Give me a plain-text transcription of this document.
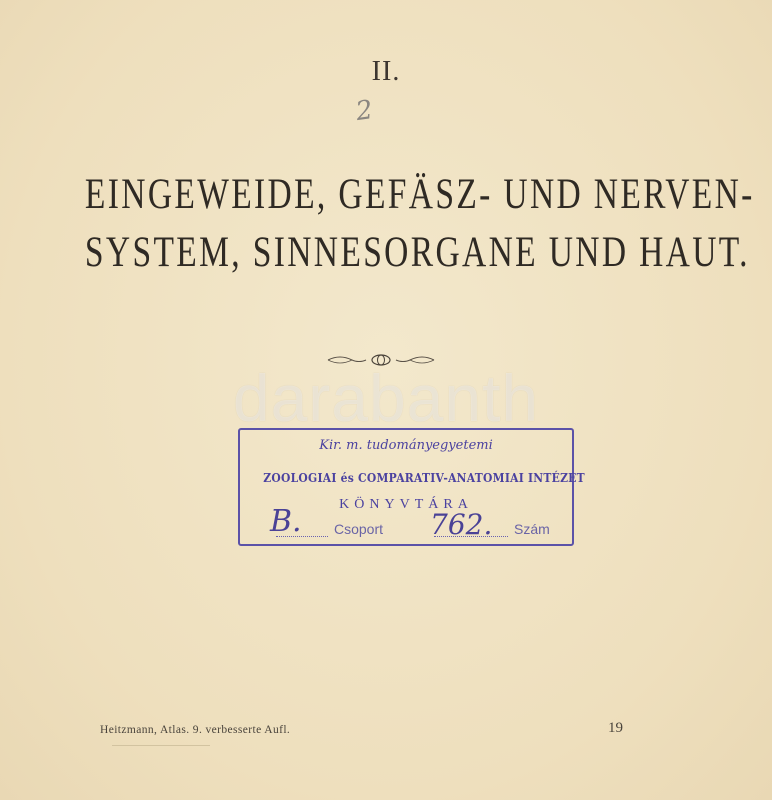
II.
2
EINGEWEIDE, GEFÄSZ- UND NERVEN-
SYSTEM, SINNESORGANE UND HAUT.
darabanth
Kir. m. tudományegyetemi
ZOOLOGIAI és COMPARATIV-ANATOMIAI INTÉZET
KÖNYVTÁRA
B. Csoport 762. Szám
Heitzmann, Atlas. 9. verbesserte Aufl.	19
